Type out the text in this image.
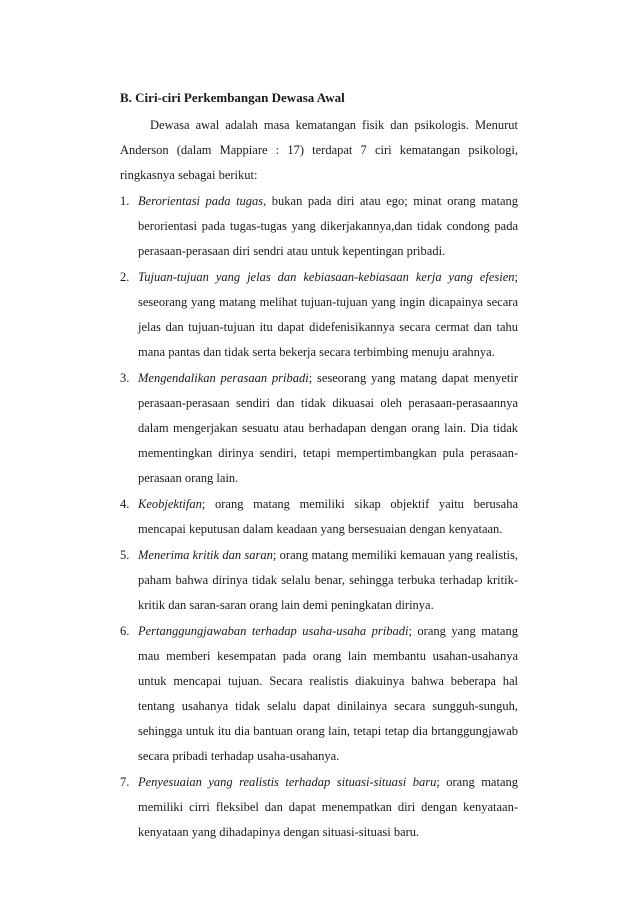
B. Ciri-ciri Perkembangan Dewasa Awal

Dewasa awal adalah masa kematangan fisik dan psikologis. Menurut Anderson (dalam Mappiare : 17) terdapat 7 ciri kematangan psikologi, ringkasnya sebagai berikut:

1. Berorientasi pada tugas, bukan pada diri atau ego; minat orang matang berorientasi pada tugas-tugas yang dikerjakannya,dan tidak condong pada perasaan-perasaan diri sendri atau untuk kepentingan pribadi.
2. Tujuan-tujuan yang jelas dan kebiasaan-kebiasaan kerja yang efesien; seseorang yang matang melihat tujuan-tujuan yang ingin dicapainya secara jelas dan tujuan-tujuan itu dapat didefenisikannya secara cermat dan tahu mana pantas dan tidak serta bekerja secara terbimbing menuju arahnya.
3. Mengendalikan perasaan pribadi; seseorang yang matang dapat menyetir perasaan-perasaan sendiri dan tidak dikuasai oleh perasaan-perasaannya dalam mengerjakan sesuatu atau berhadapan dengan orang lain. Dia tidak mementingkan dirinya sendiri, tetapi mempertimbangkan pula perasaan-perasaan orang lain.
4. Keobjektifan; orang matang memiliki sikap objektif yaitu berusaha mencapai keputusan dalam keadaan yang bersesuaian dengan kenyataan.
5. Menerima kritik dan saran; orang matang memiliki kemauan yang realistis, paham bahwa dirinya tidak selalu benar, sehingga terbuka terhadap kritik-kritik dan saran-saran orang lain demi peningkatan dirinya.
6. Pertanggungjawaban terhadap usaha-usaha pribadi; orang yang matang mau memberi kesempatan pada orang lain membantu usahan-usahanya untuk mencapai tujuan. Secara realistis diakuinya bahwa beberapa hal tentang usahanya tidak selalu dapat dinilainya secara sungguh-sunguh, sehingga untuk itu dia bantuan orang lain, tetapi tetap dia brtanggungjawab secara pribadi terhadap usaha-usahanya.
7. Penyesuaian yang realistis terhadap situasi-situasi baru; orang matang memiliki cirri fleksibel dan dapat menempatkan diri dengan kenyataan-kenyataan yang dihadapinya dengan situasi-situasi baru.
